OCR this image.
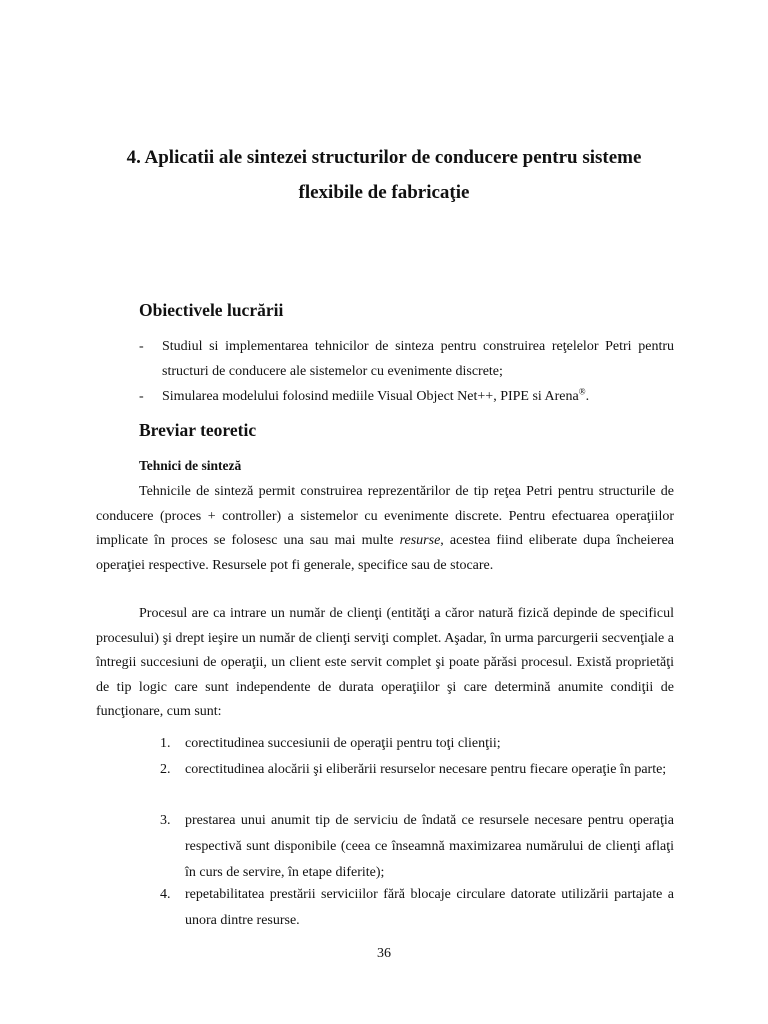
4. Aplicatii ale sintezei structurilor de conducere pentru sisteme flexibile de fabricaţie
Obiectivele lucrării

- Studiul si implementarea tehnicilor de sinteza pentru construirea reţelelor Petri pentru structuri de conducere ale sistemelor cu evenimente discrete;

- Simularea modelului folosind mediile Visual Object Net++, PIPE si Arena®.

Breviar teoretic
Tehnici de sinteză

Tehnicile de sinteză permit construirea reprezentărilor de tip reţea Petri pentru structurile de conducere (proces + controller) a sistemelor cu evenimente discrete. Pentru efectuarea operaţiilor implicate în proces se folosesc una sau mai multe resurse, acestea fiind eliberate dupa încheierea operaţiei respective. Resursele pot fi generale, specifice sau de stocare.

Procesul are ca intrare un număr de clienţi (entităţi a căror natură fizică depinde de specificul procesului) şi drept ieşire un număr de clienţi serviţi complet. Aşadar, în urma parcurgerii secvenţiale a întregii succesiuni de operaţii, un client este servit complet şi poate părăsi procesul. Există proprietăţi de tip logic care sunt independente de durata operaţiilor şi care determină anumite condiţii de funcţionare, cum sunt:

1. corectitudinea succesiunii de operaţii pentru toţi clienţii;

2. corectitudinea alocării şi eliberării resurselor necesare pentru fiecare operaţie în parte;

3. prestarea unui anumit tip de serviciu de îndată ce resursele necesare pentru operaţia respectivă sunt disponibile (ceea ce înseamnă maximizarea numărului de clienţi aflaţi în curs de servire, în etape diferite);

4. repetabilitatea prestării serviciilor fără blocaje circulare datorate utilizării partajate a unora dintre resurse.

36
